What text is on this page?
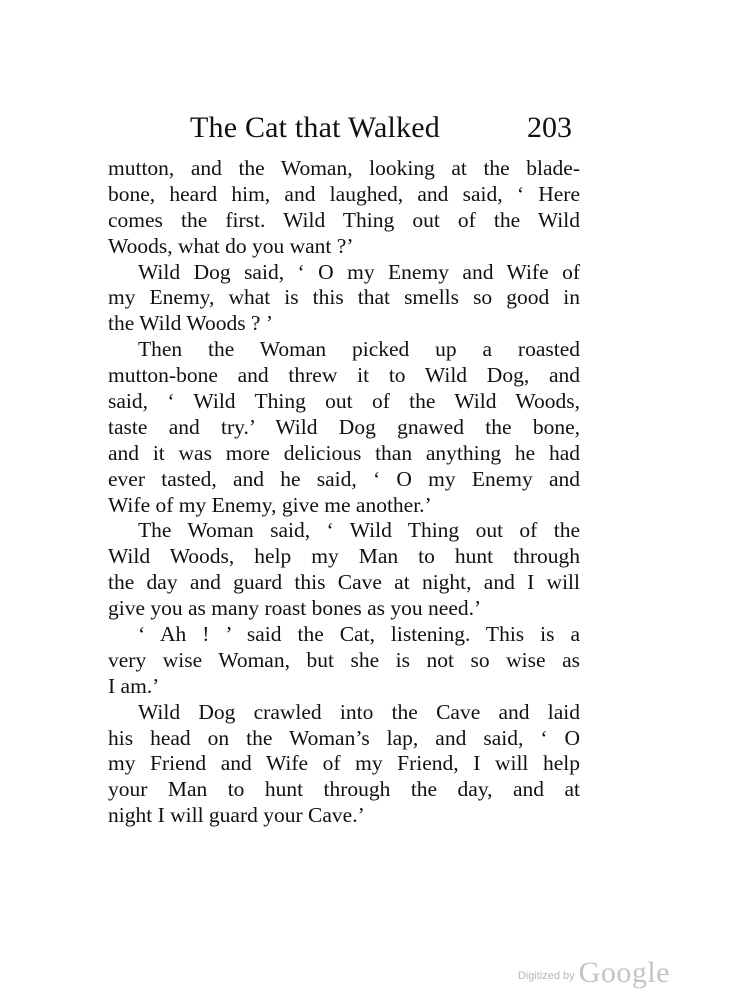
The Cat that Walked	203
mutton, and the Woman, looking at the blade-
bone, heard him, and laughed, and said, ‘ Here
comes the first. Wild Thing out of the Wild
Woods, what do you want ?’
Wild Dog said, ‘ O my Enemy and Wife of
my Enemy, what is this that smells so good in
the Wild Woods ? ’
Then the Woman picked up a roasted
mutton-bone and threw it to Wild Dog, and
said, ‘ Wild Thing out of the Wild Woods,
taste and try.’ Wild Dog gnawed the bone,
and it was more delicious than anything he had
ever tasted, and he said, ‘ O my Enemy and
Wife of my Enemy, give me another.’
The Woman said, ‘ Wild Thing out of the
Wild Woods, help my Man to hunt through
the day and guard this Cave at night, and I will
give you as many roast bones as you need.’
‘ Ah ! ’ said the Cat, listening. This is a
very wise Woman, but she is not so wise as
I am.’
Wild Dog crawled into the Cave and laid
his head on the Woman’s lap, and said, ‘ O
my Friend and Wife of my Friend, I will help
your Man to hunt through the day, and at
night I will guard your Cave.’
Digitized by Google
